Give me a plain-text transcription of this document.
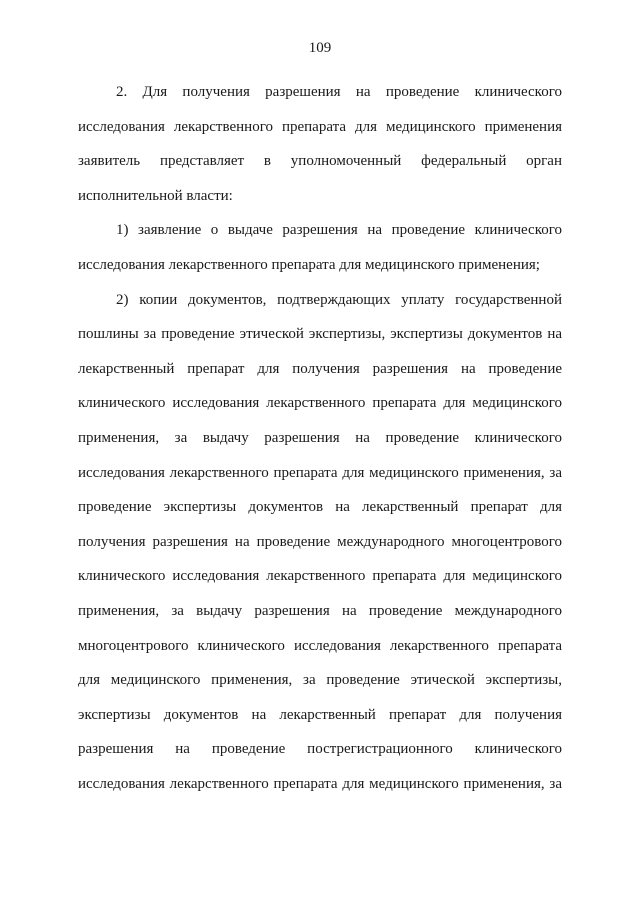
109
2. Для получения разрешения на проведение клинического
исследования лекарственного препарата для медицинского применения
заявитель представляет в уполномоченный федеральный орган
исполнительной власти:
1) заявление о выдаче разрешения на проведение клинического
исследования лекарственного препарата для медицинского применения;
2) копии документов, подтверждающих уплату государственной
пошлины за проведение этической экспертизы, экспертизы документов на
лекарственный препарат для получения разрешения на проведение
клинического исследования лекарственного препарата для медицинского
применения, за выдачу разрешения на проведение клинического
исследования лекарственного препарата для медицинского применения, за
проведение экспертизы документов на лекарственный препарат для
получения разрешения на проведение международного многоцентрового
клинического исследования лекарственного препарата для медицинского
применения, за выдачу разрешения на проведение международного
многоцентрового клинического исследования лекарственного препарата
для медицинского применения, за проведение этической экспертизы,
экспертизы документов на лекарственный препарат для получения
разрешения на проведение пострегистрационного клинического
исследования лекарственного препарата для медицинского применения, за
